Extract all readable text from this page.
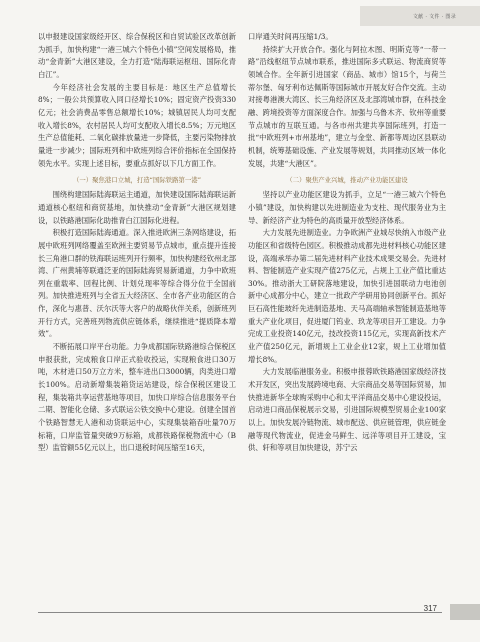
文献 · 文件 · 图录

以申报建设国家级经开区、综合保税区和自贸试验区改革创新为抓手，加快构建“一港三城六个特色小镇”空间发展格局，推动“金青新”大港区建设，全力打造“陆海联运枢纽、国际化青白江”。

今年经济社会发展的主要目标是：地区生产总值增长8%；一般公共预算收入同口径增长10%；固定资产投资330亿元；社会消费品零售总额增长10%；城镇居民人均可支配收入增长8%，农村居民人均可支配收入增长8.5%；万元地区生产总值能耗、二氧化碳排放量进一步降低，主要污染物排放量进一步减少；国际班列和中欧班列综合评价指标在全国保持领先水平。实现上述目标，要重点抓好以下几方面工作。

（一）聚焦港口立城，打造“国际铁路第一港”

围绕构建国际陆海联运主通道，加快建设国际陆海联运新通道核心枢纽和商贸基地，加快推动“金青新”大港区规划建设，以铁路港国际化助推青白江国际化进程。

积极打造国际陆海通道。深入推进欧洲三条网络建设，拓展中欧班列网络覆盖至欧洲主要贸易节点城市，重点提升连接长三角港口群的铁海联运班列开行频率，加快构建经钦州北部湾、广州黄埔等联通泛亚的国际陆海贸易新通道，力争中欧班列在重载率、回程比例、计划兑现率等综合得分位于全国前列。加快推进班列与全省五大经济区、全市各产业功能区的合作，深化与惠普、沃尔沃等大客户的战略伙伴关系，创新班列开行方式，完善班列物流供应链体系，继续推进“提质降本增效”。

不断拓展口岸平台功能。力争成都国际铁路港综合保税区申报获批，完成粮食口岸正式验收投运，实现粮食进口30万吨，木材进口50万立方米，整车进出口3000辆，肉类进口增长100%。启动新增集装箱货运站建设，综合保税区建设工程，集装箱共享运营基地等项目，加快口岸综合信息服务平台二期、智能化仓储、多式联运公铁交换中心建设。创建全国首个铁路智慧无人港和动货联运中心，实现集装箱吞吐量70万标箱，口岸监管量突破9万标箱，成都铁路保税物流中心（B型）监管额55亿元以上，出口退税时间压缩至16天，

口岸通关时间再压缩1/3。

持续扩大开放合作。强化与阿拉木图、明斯克等“一带一路”沿线枢纽节点城市联系，推进国际多式联运、物流商贸等领域合作。全年新引进国家（商品、城市）馆15个，与荷兰蒂尔堡、匈牙利布达佩斯等国际城市开展友好合作交流。主动对接粤港澳大湾区、长三角经济区及北部湾城市群，在科技金融、跨境投资等方面深度合作。加强与乌鲁木齐、钦州等重要节点城市的互联互通。与各市州共建共享国际班列，打造一批“中欧班列+市州基地”，建立与金堂、新都等周边区县联动机制，统筹基础设施、产业发展等规划，共同推动区域一体化发展，共建“大港区”。

（二）聚焦产业兴城，推动产业功能区建设

坚持以产业功能区建设为抓手，立足“一港三城六个特色小镇”建设，加快构建以先进制造业为支柱、现代服务业为主导、新经济产业为特色的高质量开放型经济体系。

大力发展先进制造业。力争欧洲产业城尽快纳入市级产业功能区和省级特色园区。积极推动成都先进材料核心功能区建设，高端承举办第二届先进材料产业技术成果交易会。先进材料、智能制造产业实现产值275亿元，占规上工业产值比重达30%。推动浙大工研院落地建设，加快引进国联动力电池创新中心成都分中心，建立一批政产学研用协同创新平台。抓好巨石高性能玻纤先进制造基地、天马高端轴承智能制造基地等重大产业化项目，促进厦门钨业、玖龙等项目开工建设。力争完成工业投资140亿元，技改投资115亿元，实现高新技术产业产值250亿元，新增规上工业企业12家，规上工业增加值增长8%。

大力发展临港服务业。积极申报蓉欧铁路港国家级经济技术开发区，突出发展跨境电商、大宗商品交易等国际贸易，加快推进新华全球购采购中心和太平洋商品交易中心建设投运，启动进口商品保税展示交易，引进国际规模型贸易企业100家以上。加快发展冷链物流、城市配送、供应链管理，供应链金融等现代物流业，促进金马鲜生、远洋等项目开工建设，宝供、轩和等项目加快建设，苏宁云

317
